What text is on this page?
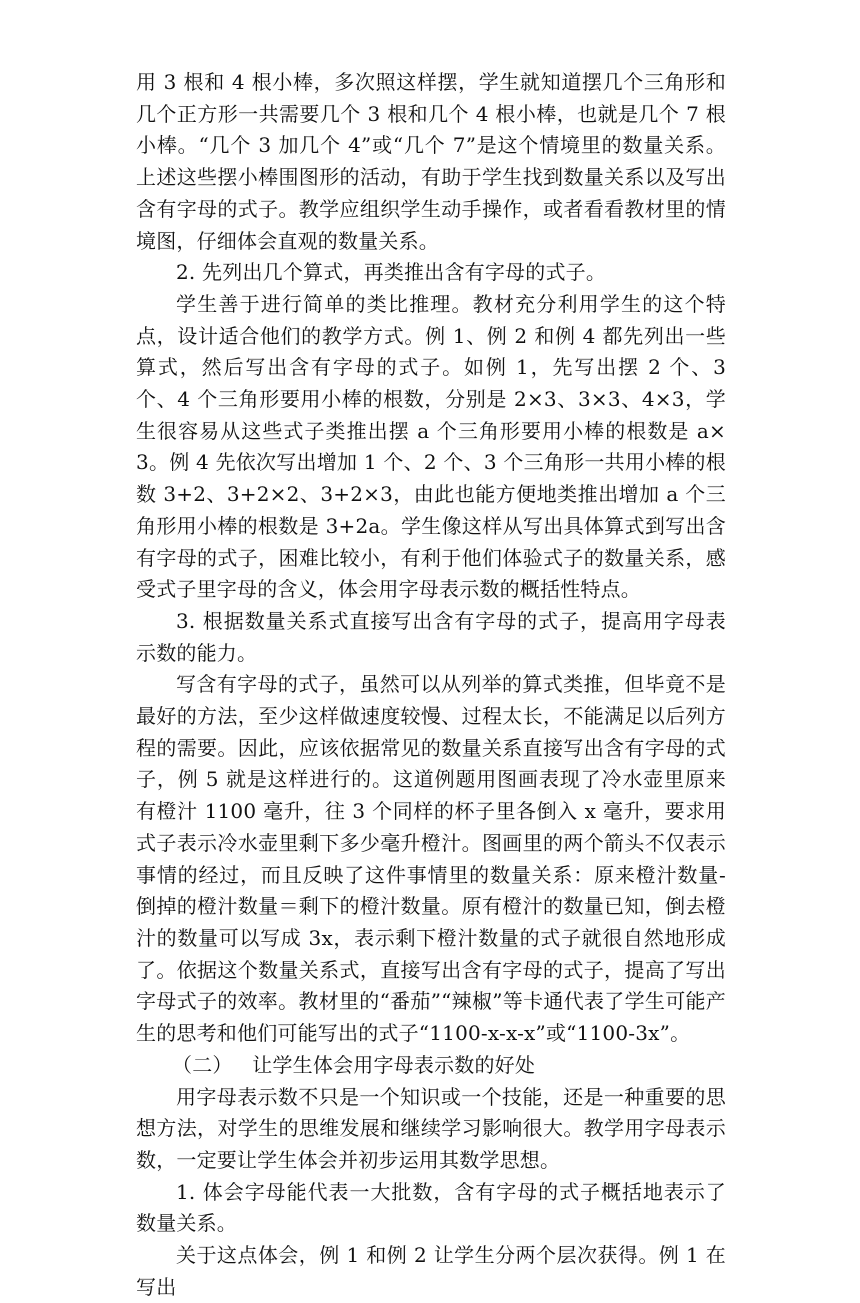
用 3 根和 4 根小棒，多次照这样摆，学生就知道摆几个三角形和几个正方形一共需要几个 3 根和几个 4 根小棒，也就是几个 7 根小棒。“几个 3 加几个 4”或“几个 7”是这个情境里的数量关系。上述这些摆小棒围图形的活动，有助于学生找到数量关系以及写出含有字母的式子。教学应组织学生动手操作，或者看看教材里的情境图，仔细体会直观的数量关系。

2. 先列出几个算式，再类推出含有字母的式子。

学生善于进行简单的类比推理。教材充分利用学生的这个特点，设计适合他们的教学方式。例 1、例 2 和例 4 都先列出一些算式，然后写出含有字母的式子。如例 1，先写出摆 2 个、3 个、4 个三角形要用小棒的根数，分别是 2×3、3×3、4×3，学生很容易从这些式子类推出摆 a 个三角形要用小棒的根数是 a×3。例 4 先依次写出增加 1 个、2 个、3 个三角形一共用小棒的根数 3+2、3+2×2、3+2×3，由此也能方便地类推出增加 a 个三角形用小棒的根数是 3+2a。学生像这样从写出具体算式到写出含有字母的式子，困难比较小，有利于他们体验式子的数量关系，感受式子里字母的含义，体会用字母表示数的概括性特点。

3. 根据数量关系式直接写出含有字母的式子，提高用字母表示数的能力。

写含有字母的式子，虽然可以从列举的算式类推，但毕竟不是最好的方法，至少这样做速度较慢、过程太长，不能满足以后列方程的需要。因此，应该依据常见的数量关系直接写出含有字母的式子，例 5 就是这样进行的。这道例题用图画表现了冷水壶里原来有橙汁 1100 毫升，往 3 个同样的杯子里各倒入 x 毫升，要求用式子表示冷水壶里剩下多少毫升橙汁。图画里的两个箭头不仅表示事情的经过，而且反映了这件事情里的数量关系：原来橙汁数量-倒掉的橙汁数量＝剩下的橙汁数量。原有橙汁的数量已知，倒去橙汁的数量可以写成 3x，表示剩下橙汁数量的式子就很自然地形成了。依据这个数量关系式，直接写出含有字母的式子，提高了写出字母式子的效率。教材里的“番茄”“辣椒”等卡通代表了学生可能产生的思考和他们可能写出的式子“1100-x-x-x”或“1100-3x”。

（二）   让学生体会用字母表示数的好处

用字母表示数不只是一个知识或一个技能，还是一种重要的思想方法，对学生的思维发展和继续学习影响很大。教学用字母表示数，一定要让学生体会并初步运用其数学思想。

1. 体会字母能代表一大批数，含有字母的式子概括地表示了数量关系。

关于这点体会，例 1 和例 2 让学生分两个层次获得。例 1 在写出
